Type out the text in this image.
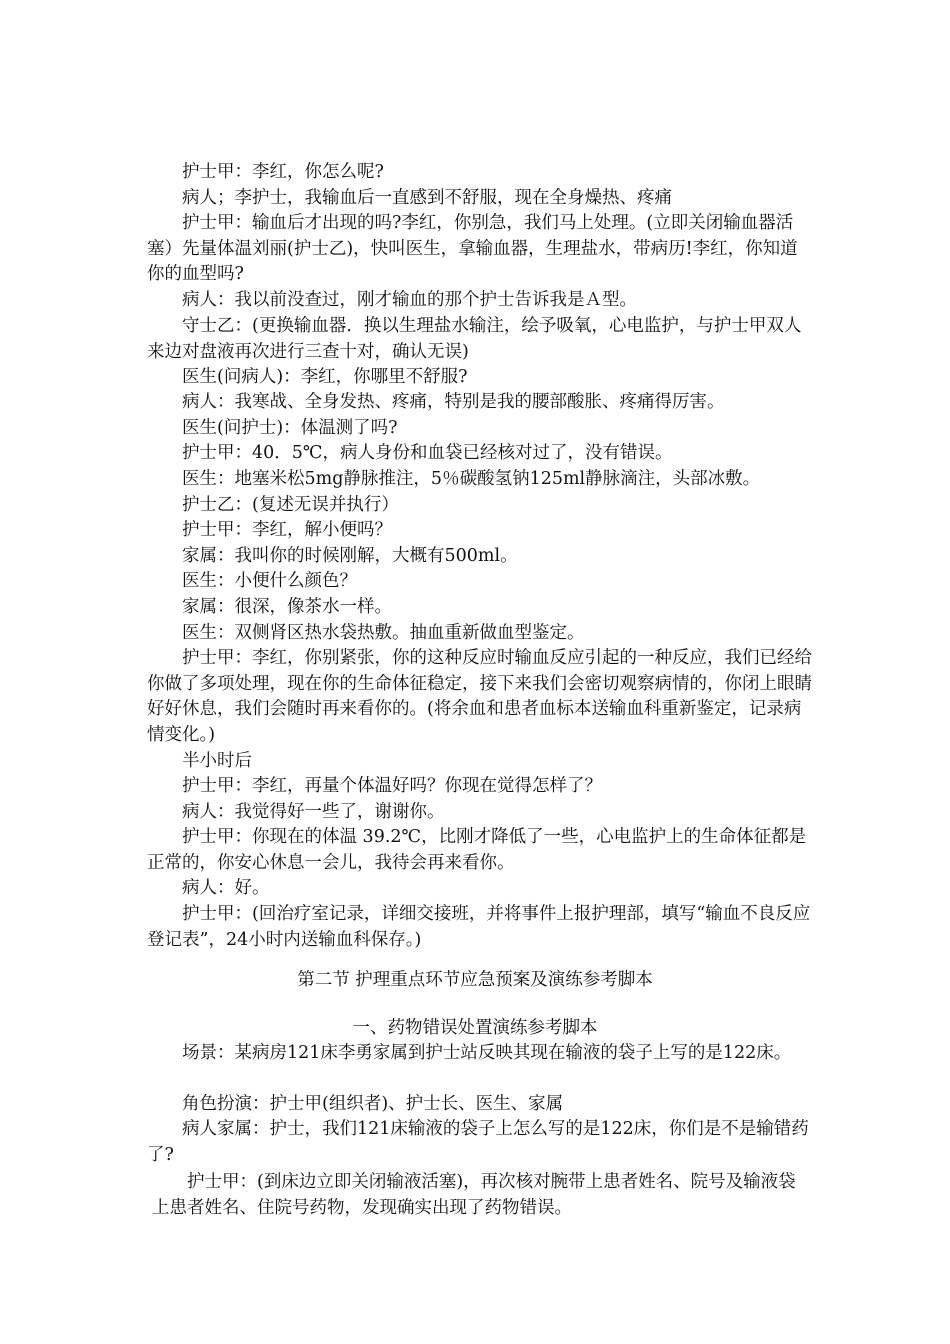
护士甲：李红，你怎么呢?
病人；李护士，我输血后一直感到不舒服，现在全身燥热、疼痛
护士甲：输血后才出现的吗?李红，你别急，我们马上处理。(立即关闭输血器活塞）先量体温刘丽(护士乙)，快叫医生，拿输血器，生理盐水，带病历!李红，你知道你的血型吗?
病人：我以前没查过，刚才输血的那个护士告诉我是Ａ型。
守士乙：(更换输血器．换以生理盐水输注，绘予吸氧，心电监护，与护士甲双人来边对盘液再次进行三查十对，确认无误)
医生(问病人)：李红，你哪里不舒服?
病人：我寒战、全身发热、疼痛，特别是我的腰部酸胀、疼痛得厉害。
医生(问护士)：体温测了吗?
护士甲：40．5℃，病人身份和血袋已经核对过了，没有错误。
医生：地塞米松5mg静脉推注，5％碳酸氢钠125ml静脉滴注，头部冰敷。
护士乙：(复述无误并执行）
护士甲：李红，解小便吗？
家属：我叫你的时候刚解，大概有500ml。
医生：小便什么颜色？
家属：很深，像茶水一样。
医生：双侧肾区热水袋热敷。抽血重新做血型鉴定。
护士甲：李红，你别紧张，你的这种反应时输血反应引起的一种反应，我们已经给你做了多项处理，现在你的生命体征稳定，接下来我们会密切观察病情的，你闭上眼睛好好休息，我们会随时再来看你的。(将余血和患者血标本送输血科重新鉴定，记录病情变化。)
半小时后
护士甲：李红，再量个体温好吗？你现在觉得怎样了？
病人：我觉得好一些了，谢谢你。
护士甲：你现在的体温 39.2℃，比刚才降低了一些，心电监护上的生命体征都是正常的，你安心休息一会儿，我待会再来看你。
病人：好。
护士甲：(回治疗室记录，详细交接班，并将事件上报护理部，填写“输血不良反应登记表”，24小时内送输血科保存。)
第二节 护理重点环节应急预案及演练参考脚本
一、药物错误处置演练参考脚本
场景：某病房121床李勇家属到护士站反映其现在输液的袋子上写的是122床。
角色扮演：护士甲(组织者)、护士长、医生、家属
病人家属：护士，我们121床输液的袋子上怎么写的是122床，你们是不是输错药了?
护士甲：(到床边立即关闭输液活塞)，再次核对腕带上患者姓名、院号及输液袋上患者姓名、住院号药物，发现确实出现了药物错误。
